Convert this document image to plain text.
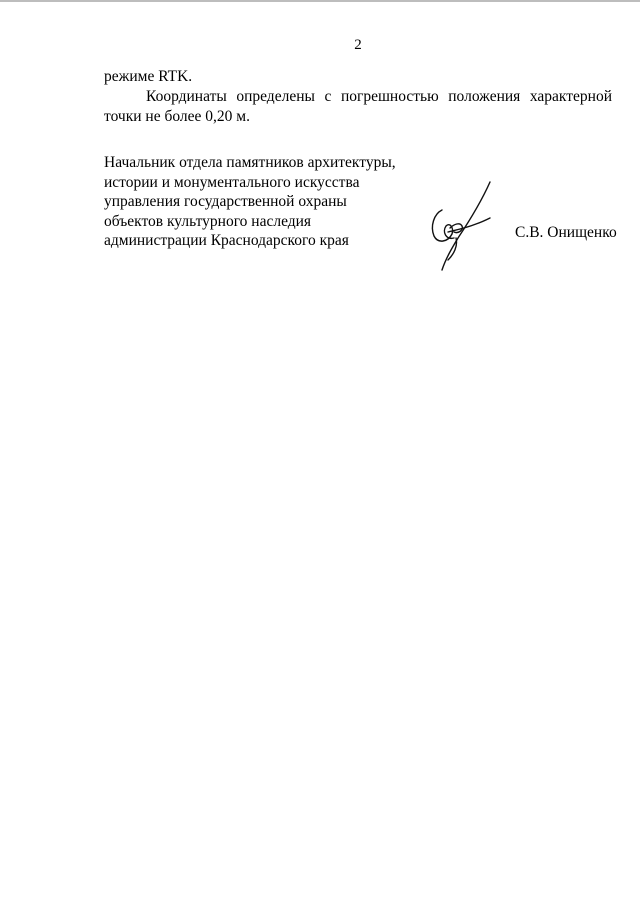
2

режиме RTK.

Координаты определены с погрешностью положения характерной точки не более 0,20 м.

Начальник отдела памятников архитектуры,
истории и монументального искусства
управления государственной охраны
объектов культурного наследия
администрации Краснодарского края	С.В. Онищенко
